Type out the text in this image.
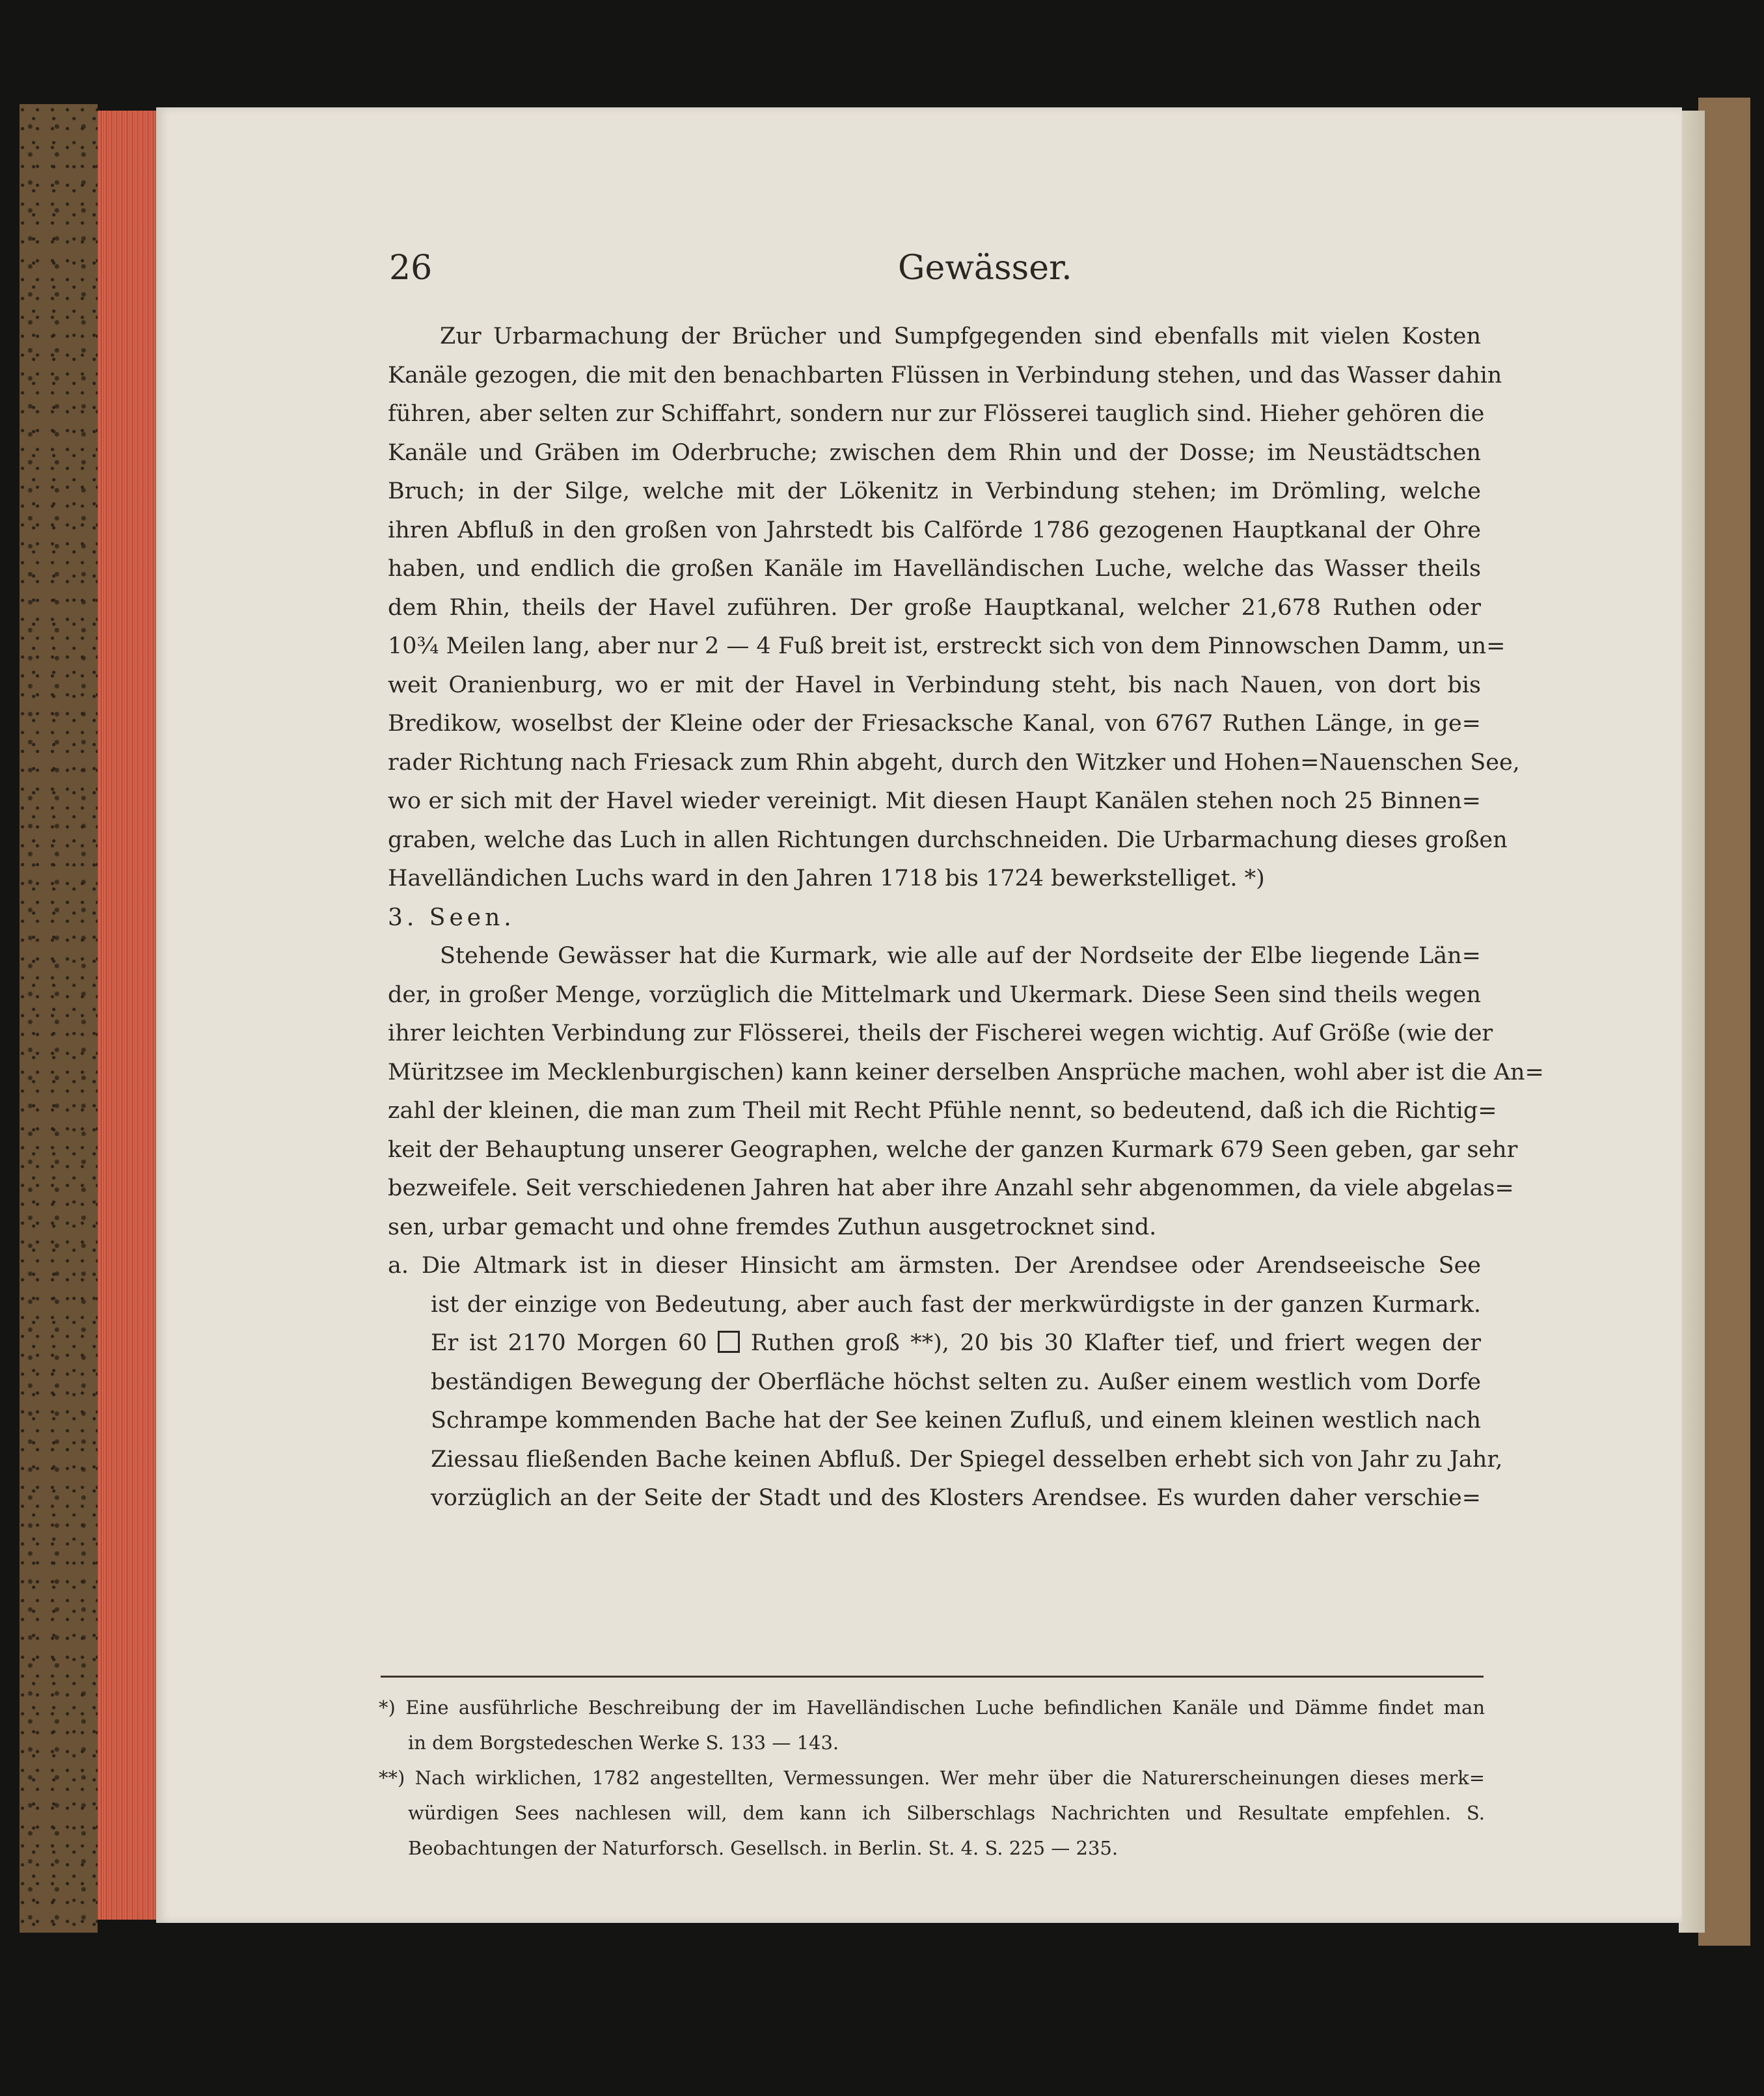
26	Gewässer.
Zur Urbarmachung der Brücher und Sumpfgegenden sind ebenfalls mit vielen Kosten
Kanäle gezogen, die mit den benachbarten Flüssen in Verbindung stehen, und das Wasser dahin
führen, aber selten zur Schiffahrt, sondern nur zur Flösserei tauglich sind. Hieher gehören die
Kanäle und Gräben im Oderbruche; zwischen dem Rhin und der Dosse; im Neustädtschen
Bruch; in der Silge, welche mit der Lökenitz in Verbindung stehen; im Drömling, welche
ihren Abfluß in den großen von Jahrstedt bis Calförde 1786 gezogenen Hauptkanal der Ohre
haben, und endlich die großen Kanäle im Havelländischen Luche, welche das Wasser theils
dem Rhin, theils der Havel zuführen. Der große Hauptkanal, welcher 21,678 Ruthen oder
10¾ Meilen lang, aber nur 2 — 4 Fuß breit ist, erstreckt sich von dem Pinnowschen Damm, un=
weit Oranienburg, wo er mit der Havel in Verbindung steht, bis nach Nauen, von dort bis
Bredikow, woselbst der Kleine oder der Friesacksche Kanal, von 6767 Ruthen Länge, in ge=
rader Richtung nach Friesack zum Rhin abgeht, durch den Witzker und Hohen=Nauenschen See,
wo er sich mit der Havel wieder vereinigt. Mit diesen Haupt Kanälen stehen noch 25 Binnen=
graben, welche das Luch in allen Richtungen durchschneiden. Die Urbarmachung dieses großen
Havelländichen Luchs ward in den Jahren 1718 bis 1724 bewerkstelliget. *)
3. Seen.
Stehende Gewässer hat die Kurmark, wie alle auf der Nordseite der Elbe liegende Län=
der, in großer Menge, vorzüglich die Mittelmark und Ukermark. Diese Seen sind theils wegen
ihrer leichten Verbindung zur Flösserei, theils der Fischerei wegen wichtig. Auf Größe (wie der
Müritzsee im Mecklenburgischen) kann keiner derselben Ansprüche machen, wohl aber ist die An=
zahl der kleinen, die man zum Theil mit Recht Pfühle nennt, so bedeutend, daß ich die Richtig=
keit der Behauptung unserer Geographen, welche der ganzen Kurmark 679 Seen geben, gar sehr
bezweifele. Seit verschiedenen Jahren hat aber ihre Anzahl sehr abgenommen, da viele abgelas=
sen, urbar gemacht und ohne fremdes Zuthun ausgetrocknet sind.
a. Die Altmark ist in dieser Hinsicht am ärmsten. Der Arendsee oder Arendseeische See
ist der einzige von Bedeutung, aber auch fast der merkwürdigste in der ganzen Kurmark.
Er ist 2170 Morgen 60 Ruthen groß **), 20 bis 30 Klafter tief, und friert wegen der
beständigen Bewegung der Oberfläche höchst selten zu. Außer einem westlich vom Dorfe
Schrampe kommenden Bache hat der See keinen Zufluß, und einem kleinen westlich nach
Ziessau fließenden Bache keinen Abfluß. Der Spiegel desselben erhebt sich von Jahr zu Jahr,
vorzüglich an der Seite der Stadt und des Klosters Arendsee. Es wurden daher verschie=
*) Eine ausführliche Beschreibung der im Havelländischen Luche befindlichen Kanäle und Dämme findet man
in dem Borgstedeschen Werke S. 133 — 143.
**) Nach wirklichen, 1782 angestellten, Vermessungen. Wer mehr über die Naturerscheinungen dieses merk=
würdigen Sees nachlesen will, dem kann ich Silberschlags Nachrichten und Resultate empfehlen. S.
Beobachtungen der Naturforsch. Gesellsch. in Berlin. St. 4. S. 225 — 235.
